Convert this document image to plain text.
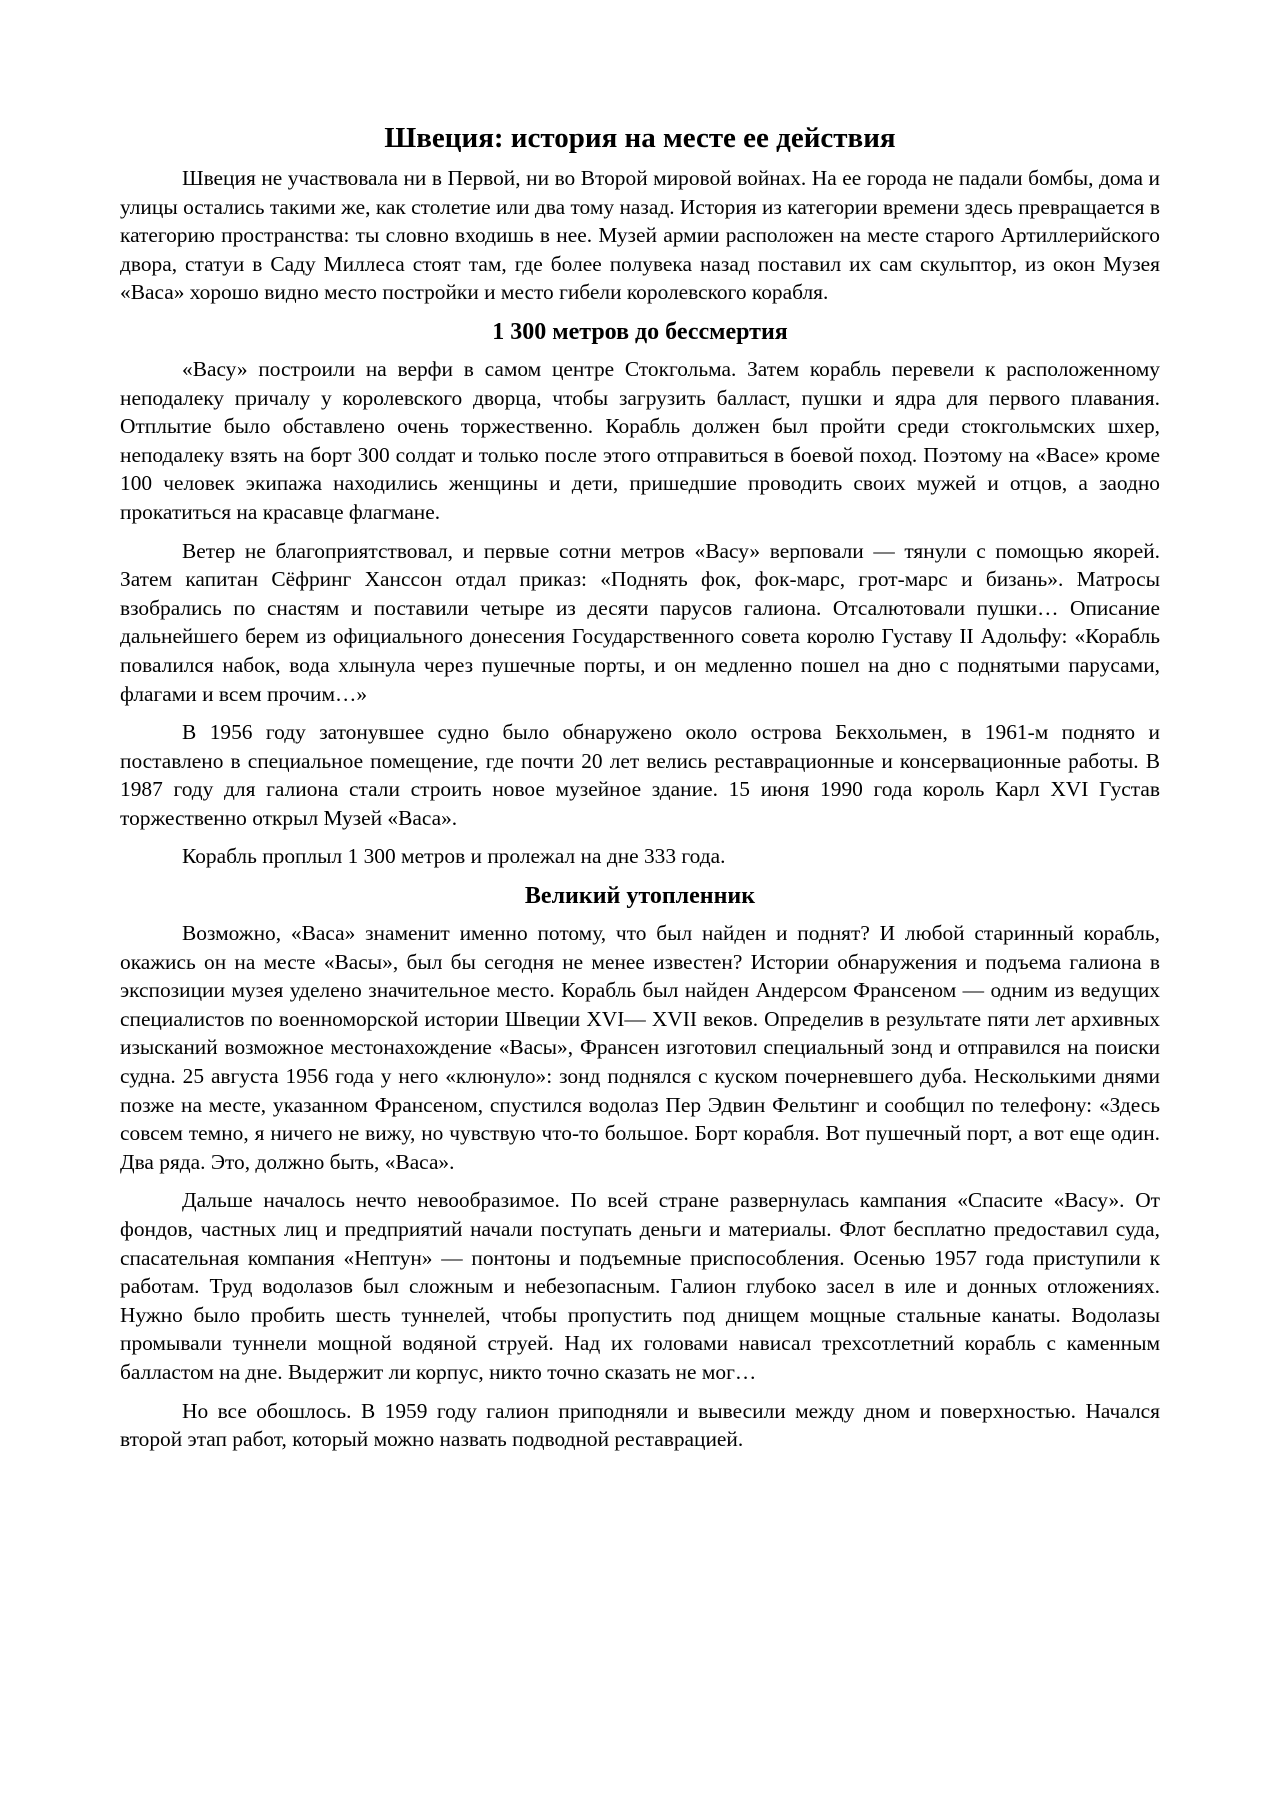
Швеция: история на месте ее действия

Швеция не участвовала ни в Первой, ни во Второй мировой войнах. На ее города не падали бомбы, дома и улицы остались такими же, как столетие или два тому назад. История из категории времени здесь превращается в категорию пространства: ты словно входишь в нее. Музей армии расположен на месте старого Артиллерийского двора, статуи в Саду Миллеса стоят там, где более полувека назад поставил их сам скульптор, из окон Музея «Васа» хорошо видно место постройки и место гибели королевского корабля.

1 300 метров до бессмертия

«Васу» построили на верфи в самом центре Стокгольма. Затем корабль перевели к расположенному неподалеку причалу у королевского дворца, чтобы загрузить балласт, пушки и ядра для первого плавания. Отплытие было обставлено очень торжественно. Корабль должен был пройти среди стокгольмских шхер, неподалеку взять на борт 300 солдат и только после этого отправиться в боевой поход. Поэтому на «Васе» кроме 100 человек экипажа находились женщины и дети, пришедшие проводить своих мужей и отцов, а заодно прокатиться на красавце флагмане.

Ветер не благоприятствовал, и первые сотни метров «Васу» верповали — тянули с помощью якорей. Затем капитан Сёфринг Ханссон отдал приказ: «Поднять фок, фок-марс, грот-марс и бизань». Матросы взобрались по снастям и поставили четыре из десяти парусов галиона. Отсалютовали пушки… Описание дальнейшего берем из официального донесения Государственного совета королю Густаву II Адольфу: «Корабль повалился набок, вода хлынула через пушечные порты, и он медленно пошел на дно с поднятыми парусами, флагами и всем прочим…»

В 1956 году затонувшее судно было обнаружено около острова Бекхольмен, в 1961-м поднято и поставлено в специальное помещение, где почти 20 лет велись реставрационные и консервационные работы. В 1987 году для галиона стали строить новое музейное здание. 15 июня 1990 года король Карл XVI Густав торжественно открыл Музей «Васа».

Корабль проплыл 1 300 метров и пролежал на дне 333 года.

Великий утопленник

Возможно, «Васа» знаменит именно потому, что был найден и поднят? И любой старинный корабль, окажись он на месте «Васы», был бы сегодня не менее известен? Истории обнаружения и подъема галиона в экспозиции музея уделено значительное место. Корабль был найден Андерсом Франсеном — одним из ведущих специалистов по военноморской истории Швеции XVI— XVII веков. Определив в результате пяти лет архивных изысканий возможное местонахождение «Васы», Франсен изготовил специальный зонд и отправился на поиски судна. 25 августа 1956 года у него «клюнуло»: зонд поднялся с куском почерневшего дуба. Несколькими днями позже на месте, указанном Франсеном, спустился водолаз Пер Эдвин Фельтинг и сообщил по телефону: «Здесь совсем темно, я ничего не вижу, но чувствую что-то большое. Борт корабля. Вот пушечный порт, а вот еще один. Два ряда. Это, должно быть, «Васа».

Дальше началось нечто невообразимое. По всей стране развернулась кампания «Спасите «Васу». От фондов, частных лиц и предприятий начали поступать деньги и материалы. Флот бесплатно предоставил суда, спасательная компания «Нептун» — понтоны и подъемные приспособления. Осенью 1957 года приступили к работам. Труд водолазов был сложным и небезопасным. Галион глубоко засел в иле и донных отложениях. Нужно было пробить шесть туннелей, чтобы пропустить под днищем мощные стальные канаты. Водолазы промывали туннели мощной водяной струей. Над их головами нависал трехсотлетний корабль с каменным балластом на дне. Выдержит ли корпус, никто точно сказать не мог…

Но все обошлось. В 1959 году галион приподняли и вывесили между дном и поверхностью. Начался второй этап работ, который можно назвать подводной реставрацией.
